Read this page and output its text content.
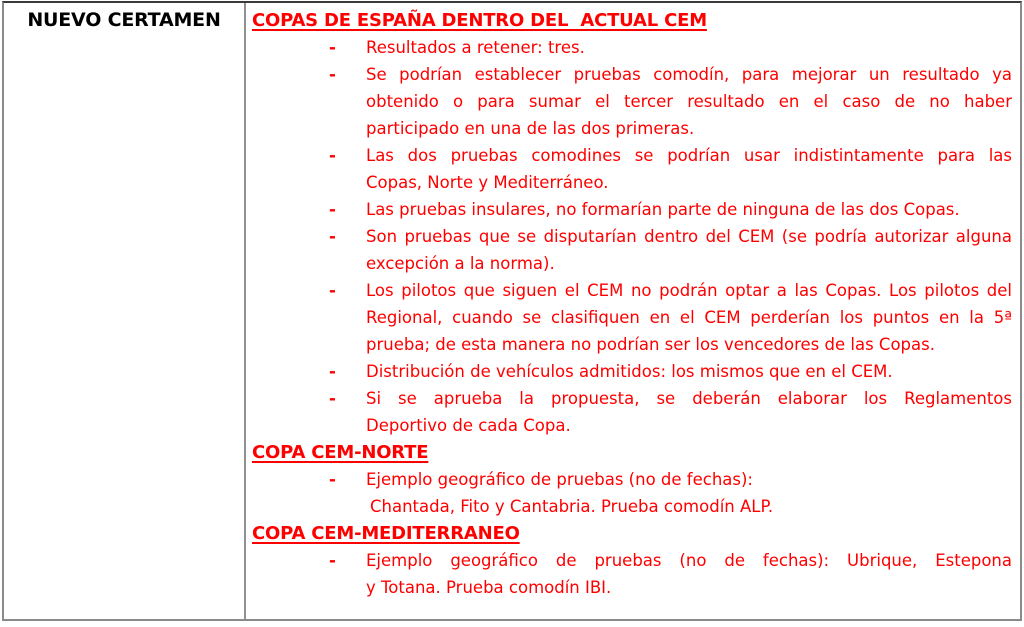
NUEVO CERTAMEN	COPAS DE ESPAÑA DENTRO DEL  ACTUAL CEM
- Resultados a retener: tres.
- Se podrían establecer pruebas comodín, para mejorar un resultado ya
obtenido o para sumar el tercer resultado en el caso de no haber
participado en una de las dos primeras.
- Las dos pruebas comodines se podrían usar indistintamente para las
Copas, Norte y Mediterráneo.
- Las pruebas insulares, no formarían parte de ninguna de las dos Copas.
- Son pruebas que se disputarían dentro del CEM (se podría autorizar alguna
excepción a la norma).
- Los pilotos que siguen el CEM no podrán optar a las Copas. Los pilotos del
Regional, cuando se clasifiquen en el CEM perderían los puntos en la 5ª
prueba; de esta manera no podrían ser los vencedores de las Copas.
- Distribución de vehículos admitidos: los mismos que en el CEM.
- Si se aprueba la propuesta, se deberán elaborar los Reglamentos
Deportivo de cada Copa.
COPA CEM-NORTE
- Ejemplo geográfico de pruebas (no de fechas):
Chantada, Fito y Cantabria. Prueba comodín ALP.
COPA CEM-MEDITERRANEO
- Ejemplo geográfico de pruebas (no de fechas): Ubrique, Estepona
y Totana. Prueba comodín IBI.
